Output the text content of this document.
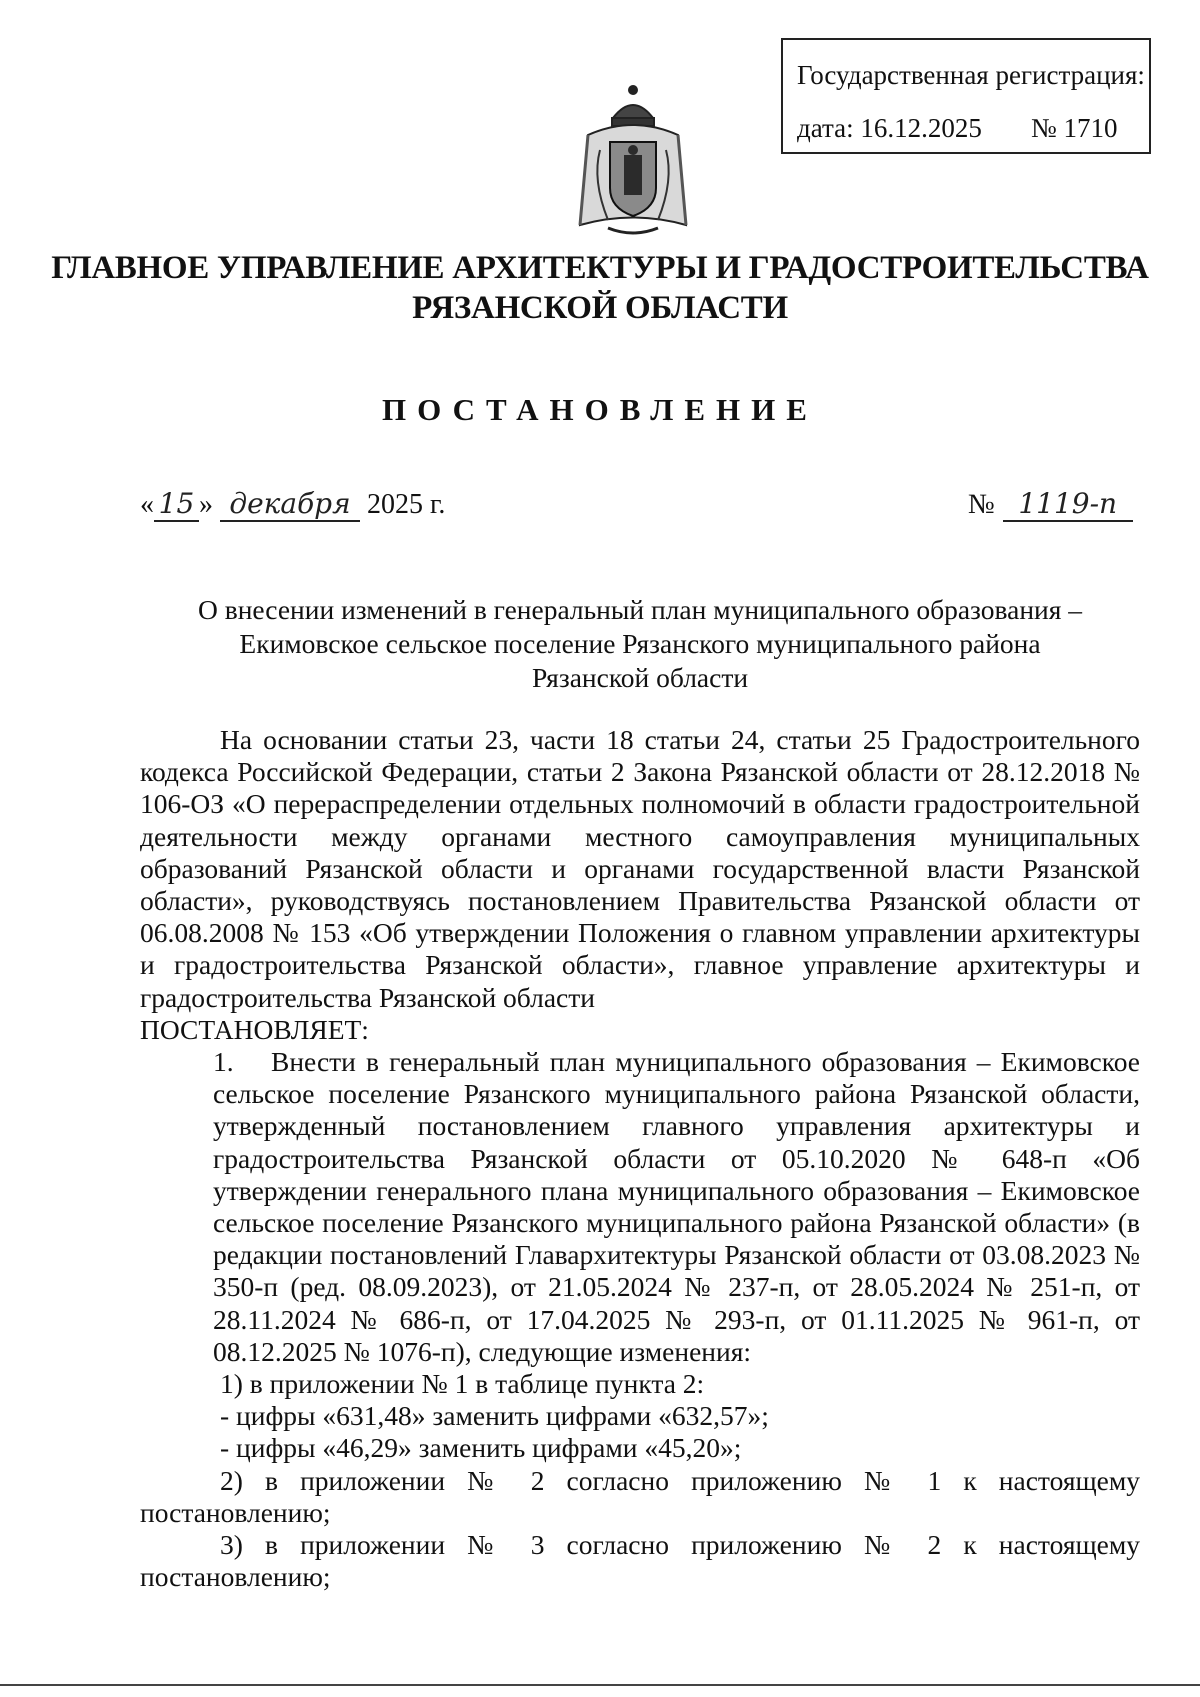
Государственная регистрация:
дата: 16.12.2025	№ 1710
ГЛАВНОЕ УПРАВЛЕНИЕ АРХИТЕКТУРЫ И ГРАДОСТРОИТЕЛЬСТВА
РЯЗАНСКОЙ ОБЛАСТИ
ПОСТАНОВЛЕНИЕ
« 15 » декабря 2025 г.	№ 1119-п
О внесении изменений в генеральный план муниципального образования –
Екимовское сельское поселение Рязанского муниципального района
Рязанской области

На основании статьи 23, части 18 статьи 24, статьи 25 Градостроительного кодекса Российской Федерации, статьи 2 Закона Рязанской области от 28.12.2018 № 106-ОЗ «О перераспределении отдельных полномочий в области градостроительной деятельности между органами местного самоуправления муниципальных образований Рязанской области и органами государственной власти Рязанской области», руководствуясь постановлением Правительства Рязанской области от 06.08.2008 № 153 «Об утверждении Положения о главном управлении архитектуры и градостроительства Рязанской области», главное управление архитектуры и градостроительства Рязанской области

ПОСТАНОВЛЯЕТ:

1. Внести в генеральный план муниципального образования – Екимовское сельское поселение Рязанского муниципального района Рязанской области, утвержденный постановлением главного управления архитектуры и градостроительства Рязанской области от 05.10.2020 № 648-п «Об утверждении генерального плана муниципального образования – Екимовское сельское поселение Рязанского муниципального района Рязанской области» (в редакции постановлений Главархитектуры Рязанской области от 03.08.2023 № 350-п (ред. 08.09.2023), от 21.05.2024 № 237-п, от 28.05.2024 № 251-п, от 28.11.2024 № 686-п, от 17.04.2025 № 293-п, от 01.11.2025 № 961-п, от 08.12.2025 № 1076-п), следующие изменения:

1) в приложении № 1 в таблице пункта 2:

- цифры «631,48» заменить цифрами «632,57»;

- цифры «46,29» заменить цифрами «45,20»;

2) в приложении № 2 согласно приложению № 1 к настоящему постановлению;

3) в приложении № 3 согласно приложению № 2 к настоящему постановлению;
